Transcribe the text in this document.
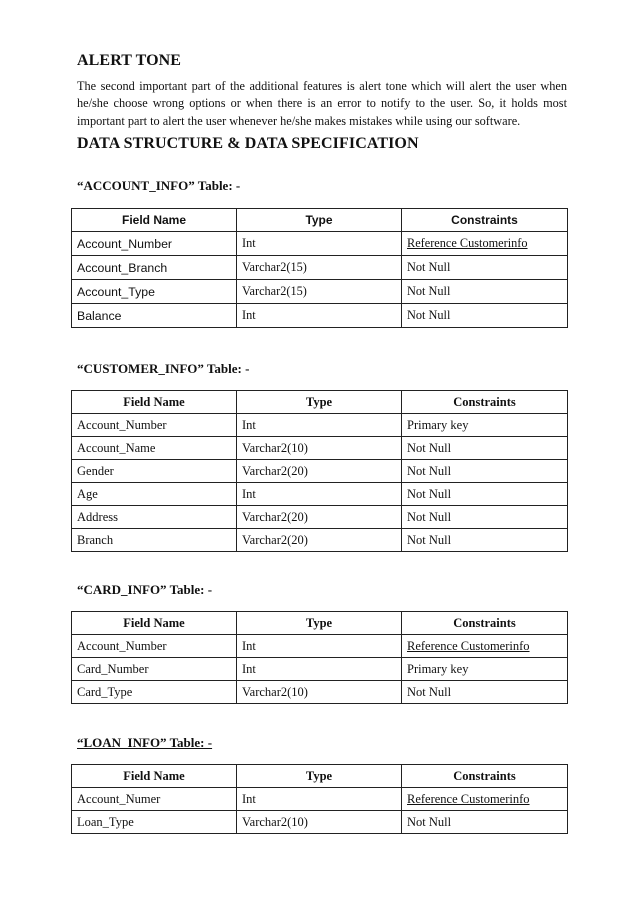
ALERT TONE
The second important part of the additional features is alert tone which will alert the user when he/she choose wrong options or when there is an error to notify to the user. So, it holds most important part to alert the user whenever he/she makes mistakes while using our software.
DATA STRUCTURE & DATA SPECIFICATION
“ACCOUNT_INFO” Table: -
Field Name	Type	Constraints
Account_Number	Int	Reference Customerinfo
Account_Branch	Varchar2(15)	Not Null
Account_Type	Varchar2(15)	Not Null
Balance	Int	Not Null
“CUSTOMER_INFO” Table: -
Field Name	Type	Constraints
Account_Number	Int	Primary key
Account_Name	Varchar2(10)	Not Null
Gender	Varchar2(20)	Not Null
Age	Int	Not Null
Address	Varchar2(20)	Not Null
Branch	Varchar2(20)	Not Null
“CARD_INFO” Table: -
Field Name	Type	Constraints
Account_Number	Int	Reference Customerinfo
Card_Number	Int	Primary key
Card_Type	Varchar2(10)	Not Null
“LOAN_INFO” Table: -
Field Name	Type	Constraints
Account_Numer	Int	Reference Customerinfo
Loan_Type	Varchar2(10)	Not Null
